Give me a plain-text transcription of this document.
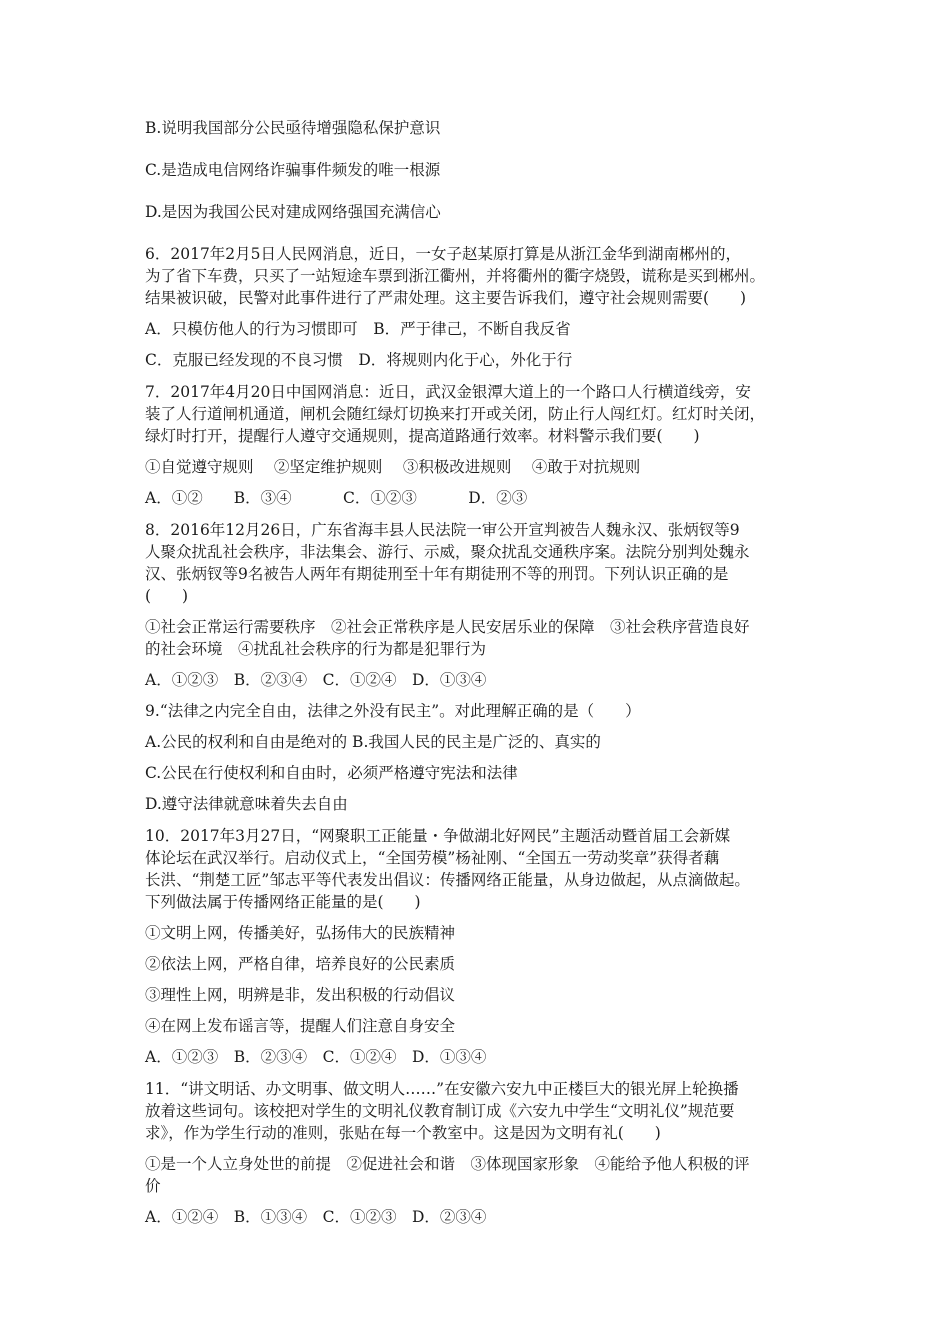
B.说明我国部分公民亟待增强隐私保护意识
C.是造成电信网络诈骗事件频发的唯一根源
D.是因为我国公民对建成网络强国充满信心
6．2017年2月5日人民网消息，近日，一女子赵某原打算是从浙江金华到湖南郴州的，
为了省下车费，只买了一站短途车票到浙江衢州，并将衢州的衢字烧毁，谎称是买到郴州。
结果被识破，民警对此事件进行了严肃处理。这主要告诉我们，遵守社会规则需要(　　)
A．只模仿他人的行为习惯即可　B．严于律己，不断自我反省
C．克服已经发现的不良习惯　D．将规则内化于心，外化于行
7．2017年4月20日中国网消息：近日，武汉金银潭大道上的一个路口人行横道线旁，安
装了人行道闸机通道，闸机会随红绿灯切换来打开或关闭，防止行人闯红灯。红灯时关闭，
绿灯时打开，提醒行人遵守交通规则，提高道路通行效率。材料警示我们要(　　)
①自觉遵守规则　 ②坚定维护规则　 ③积极改进规则　 ④敢于对抗规则
A．①②　　B．③④　　　 C．①②③　　　 D．②③
8．2016年12月26日，广东省海丰县人民法院一审公开宣判被告人魏永汉、张炳钗等9
人聚众扰乱社会秩序，非法集会、游行、示威，聚众扰乱交通秩序案。法院分别判处魏永
汉、张炳钗等9名被告人两年有期徒刑至十年有期徒刑不等的刑罚。下列认识正确的是
(　　)
①社会正常运行需要秩序　②社会正常秩序是人民安居乐业的保障　③社会秩序营造良好
的社会环境　④扰乱社会秩序的行为都是犯罪行为
A．①②③　B．②③④　C．①②④　D．①③④
9.“法律之内完全自由，法律之外没有民主”。对此理解正确的是（　　）
A.公民的权利和自由是绝对的 B.我国人民的民主是广泛的、真实的
C.公民在行使权利和自由时，必须严格遵守宪法和法律
D.遵守法律就意味着失去自由
10．2017年3月27日，“网聚职工正能量・争做湖北好网民”主题活动暨首届工会新媒
体论坛在武汉举行。启动仪式上，“全国劳模”杨祉刚、“全国五一劳动奖章”获得者藕
长洪、“荆楚工匠”邹志平等代表发出倡议：传播网络正能量，从身边做起，从点滴做起。
下列做法属于传播网络正能量的是(　　)
①文明上网，传播美好，弘扬伟大的民族精神
②依法上网，严格自律，培养良好的公民素质
③理性上网，明辨是非，发出积极的行动倡议
④在网上发布谣言等，提醒人们注意自身安全
A．①②③　B．②③④　C．①②④　D．①③④
11．“讲文明话、办文明事、做文明人……”在安徽六安九中正楼巨大的银光屏上轮换播
放着这些词句。该校把对学生的文明礼仪教育制订成《六安九中学生“文明礼仪”规范要
求》，作为学生行动的准则，张贴在每一个教室中。这是因为文明有礼(　　)
①是一个人立身处世的前提　②促进社会和谐　③体现国家形象　④能给予他人积极的评
价
A．①②④　B．①③④　C．①②③　D．②③④
